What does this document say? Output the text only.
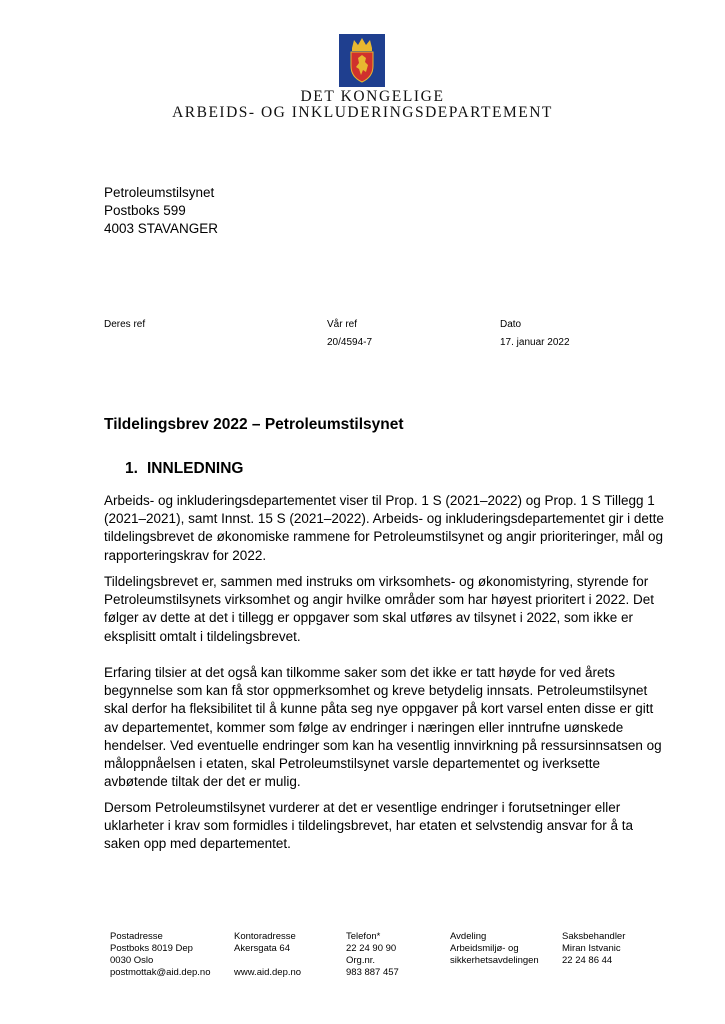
DET KONGELIGE
ARBEIDS- OG INKLUDERINGSDEPARTEMENT
Petroleumstilsynet
Postboks 599
4003 STAVANGER
Deres ref	Vår ref
20/4594-7
Dato
17. januar 2022
Tildelingsbrev 2022 – Petroleumstilsynet
1. INNLEDNING

Arbeids- og inkluderingsdepartementet viser til Prop. 1 S (2021–2022) og Prop. 1 S Tillegg 1 (2021–2021), samt Innst. 15 S (2021–2022). Arbeids- og inkluderingsdepartementet gir i dette tildelingsbrevet de økonomiske rammene for Petroleumstilsynet og angir prioriteringer, mål og rapporteringskrav for 2022.

Tildelingsbrevet er, sammen med instruks om virksomhets- og økonomistyring, styrende for Petroleumstilsynets virksomhet og angir hvilke områder som har høyest prioritert i 2022. Det følger av dette at det i tillegg er oppgaver som skal utføres av tilsynet i 2022, som ikke er eksplisitt omtalt i tildelingsbrevet.

Erfaring tilsier at det også kan tilkomme saker som det ikke er tatt høyde for ved årets begynnelse som kan få stor oppmerksomhet og kreve betydelig innsats. Petroleumstilsynet skal derfor ha fleksibilitet til å kunne påta seg nye oppgaver på kort varsel enten disse er gitt av departementet, kommer som følge av endringer i næringen eller inntrufne uønskede hendelser. Ved eventuelle endringer som kan ha vesentlig innvirkning på ressursinnsatsen og måloppnåelsen i etaten, skal Petroleumstilsynet varsle departementet og iverksette avbøtende tiltak der det er mulig.

Dersom Petroleumstilsynet vurderer at det er vesentlige endringer i forutsetninger eller uklarheter i krav som formidles i tildelingsbrevet, har etaten et selvstendig ansvar for å ta saken opp med departementet.

Postadresse
Postboks 8019 Dep
0030 Oslo
postmottak@aid.dep.no
Kontoradresse
Akersgata 64

www.aid.dep.no
Telefon*
22 24 90 90
Org.nr.
983 887 457
Avdeling
Arbeidsmiljø- og
sikkerhetsavdelingen
Saksbehandler
Miran Istvanic
22 24 86 44
